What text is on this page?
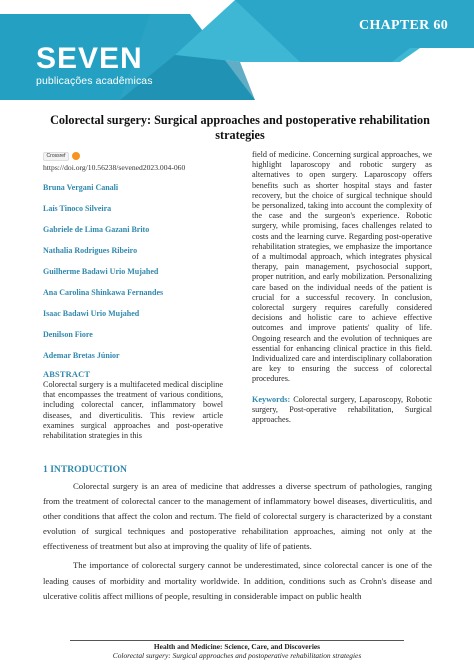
SEVEN
publicações acadêmicas
CHAPTER 60
Colorectal surgery: Surgical approaches and postoperative rehabilitation strategies
Crossref
https://doi.org/10.56238/sevened2023.004-060
Bruna Vergani Canali
Laís Tinoco Silveira
Gabriele de Lima Gazani Brito
Nathalia Rodrigues Ribeiro
Guilherme Badawi Urio Mujahed
Ana Carolina Shinkawa Fernandes
Isaac Badawi Urio Mujahed
Denilson Fiore
Ademar Bretas Júnior
ABSTRACT
Colorectal surgery is a multifaceted medical discipline that encompasses the treatment of various conditions, including colorectal cancer, inflammatory bowel diseases, and diverticulitis. This review article examines surgical approaches and post-operative rehabilitation strategies in this
field of medicine. Concerning surgical approaches, we highlight laparoscopy and robotic surgery as alternatives to open surgery. Laparoscopy offers benefits such as shorter hospital stays and faster recovery, but the choice of surgical technique should be personalized, taking into account the complexity of the case and the surgeon's experience. Robotic surgery, while promising, faces challenges related to costs and the learning curve. Regarding post-operative rehabilitation strategies, we emphasize the importance of a multimodal approach, which integrates physical therapy, pain management, psychosocial support, proper nutrition, and early mobilization. Personalizing care based on the individual needs of the patient is crucial for a successful recovery. In conclusion, colorectal surgery requires carefully considered decisions and holistic care to achieve effective outcomes and improve patients' quality of life. Ongoing research and the evolution of techniques are essential for enhancing clinical practice in this field. Individualized care and interdisciplinary collaboration are key to ensuring the success of colorectal procedures.
Keywords: Colorectal surgery, Laparoscopy, Robotic surgery, Post-operative rehabilitation, Surgical approaches.
1 INTRODUCTION

Colorectal surgery is an area of medicine that addresses a diverse spectrum of pathologies, ranging from the treatment of colorectal cancer to the management of inflammatory bowel diseases, diverticulitis, and other conditions that affect the colon and rectum. The field of colorectal surgery is characterized by a constant evolution of surgical techniques and postoperative rehabilitation approaches, aiming not only at the effectiveness of treatment but also at improving the quality of life of patients.

The importance of colorectal surgery cannot be underestimated, since colorectal cancer is one of the leading causes of morbidity and mortality worldwide. In addition, conditions such as Crohn's disease and ulcerative colitis affect millions of people, resulting in considerable impact on public health

Health and Medicine: Science, Care, and Discoveries
Colorectal surgery: Surgical approaches and postoperative rehabilitation strategies
